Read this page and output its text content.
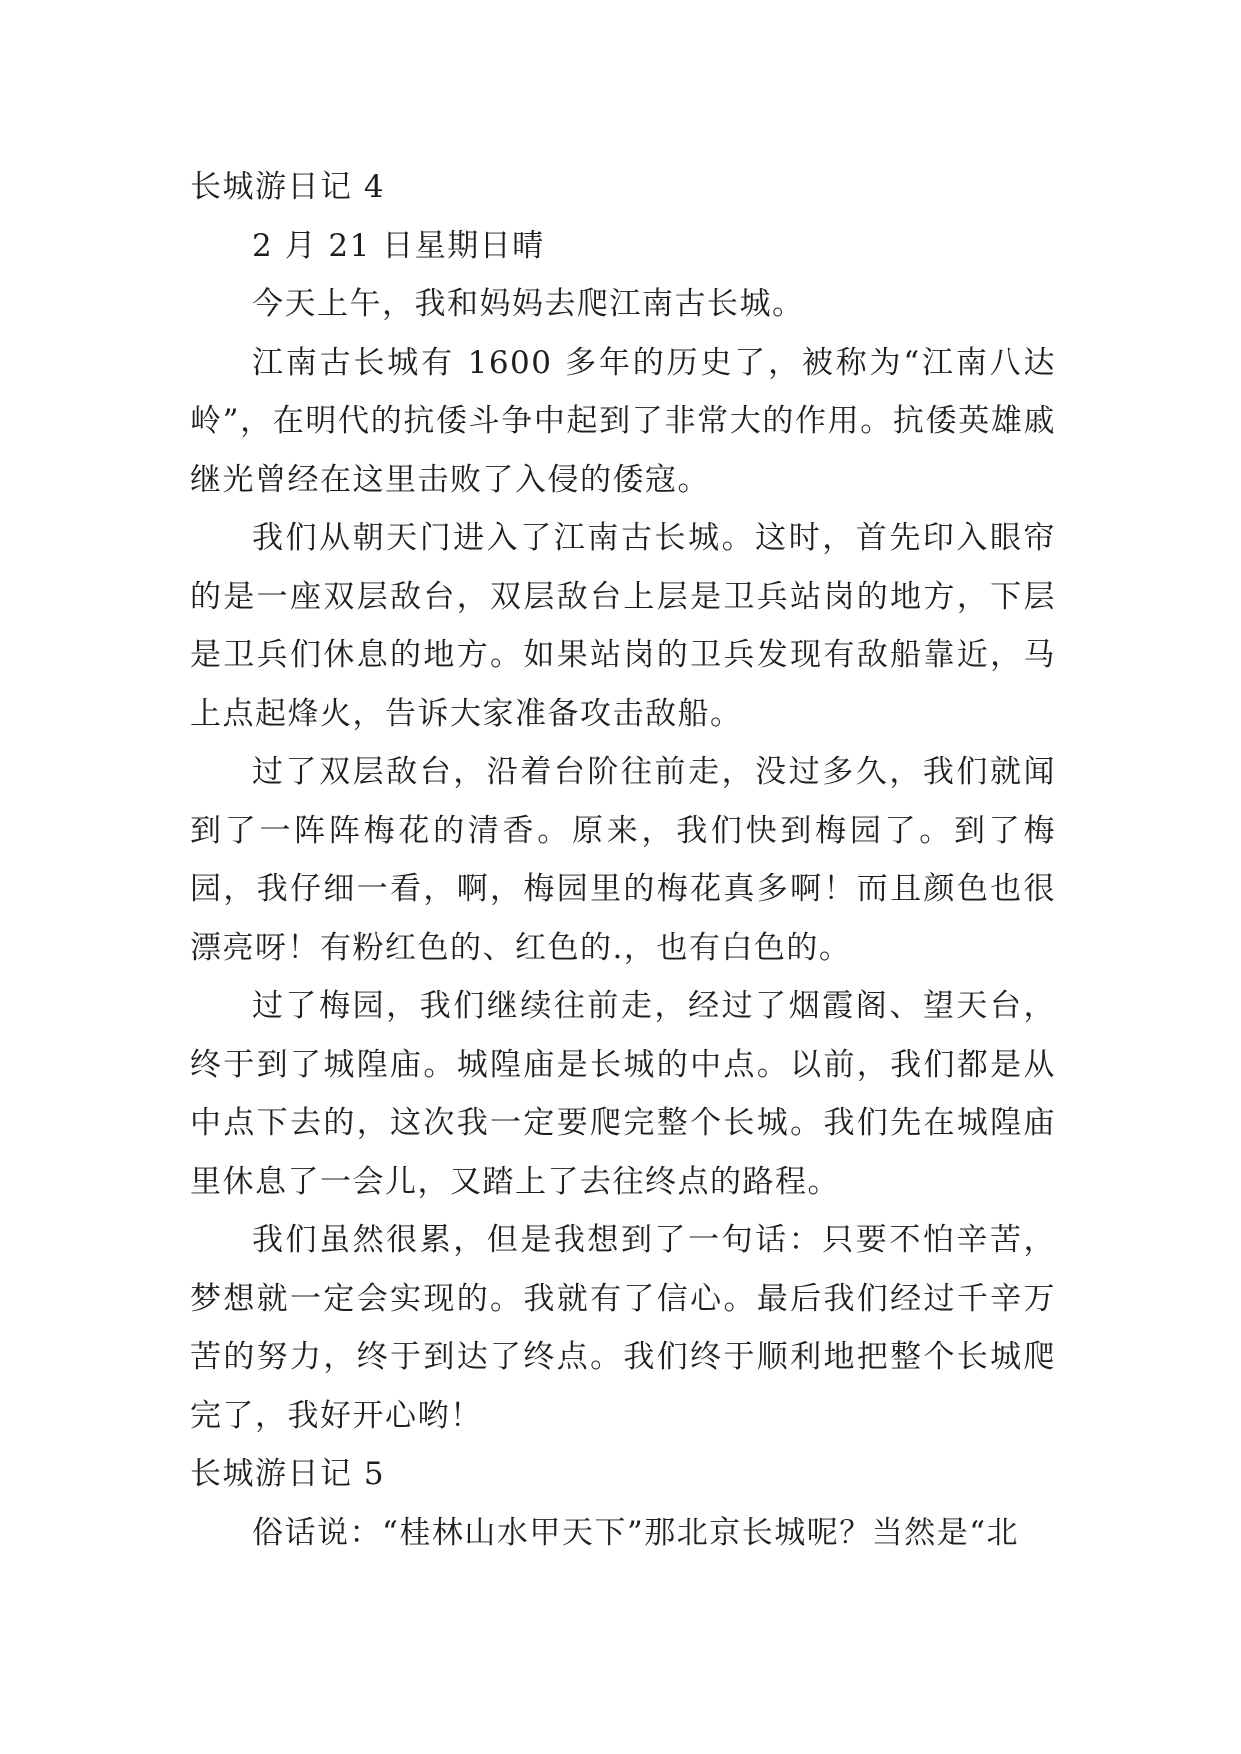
长城游日记 4

2 月 21 日星期日晴

今天上午，我和妈妈去爬江南古长城。

江南古长城有 1600 多年的历史了，被称为“江南八达岭”，在明代的抗倭斗争中起到了非常大的作用。抗倭英雄戚继光曾经在这里击败了入侵的倭寇。

我们从朝天门进入了江南古长城。这时，首先印入眼帘的是一座双层敌台，双层敌台上层是卫兵站岗的地方，下层是卫兵们休息的地方。如果站岗的卫兵发现有敌船靠近，马上点起烽火，告诉大家准备攻击敌船。

过了双层敌台，沿着台阶往前走，没过多久，我们就闻到了一阵阵梅花的清香。原来，我们快到梅园了。到了梅园，我仔细一看，啊，梅园里的梅花真多啊！而且颜色也很漂亮呀！有粉红色的、红色的.，也有白色的。

过了梅园，我们继续往前走，经过了烟霞阁、望天台，终于到了城隍庙。城隍庙是长城的中点。以前，我们都是从中点下去的，这次我一定要爬完整个长城。我们先在城隍庙里休息了一会儿，又踏上了去往终点的路程。

我们虽然很累，但是我想到了一句话：只要不怕辛苦，梦想就一定会实现的。我就有了信心。最后我们经过千辛万苦的努力，终于到达了终点。我们终于顺利地把整个长城爬完了，我好开心哟！

长城游日记 5

俗话说：“桂林山水甲天下”那北京长城呢？当然是“北
